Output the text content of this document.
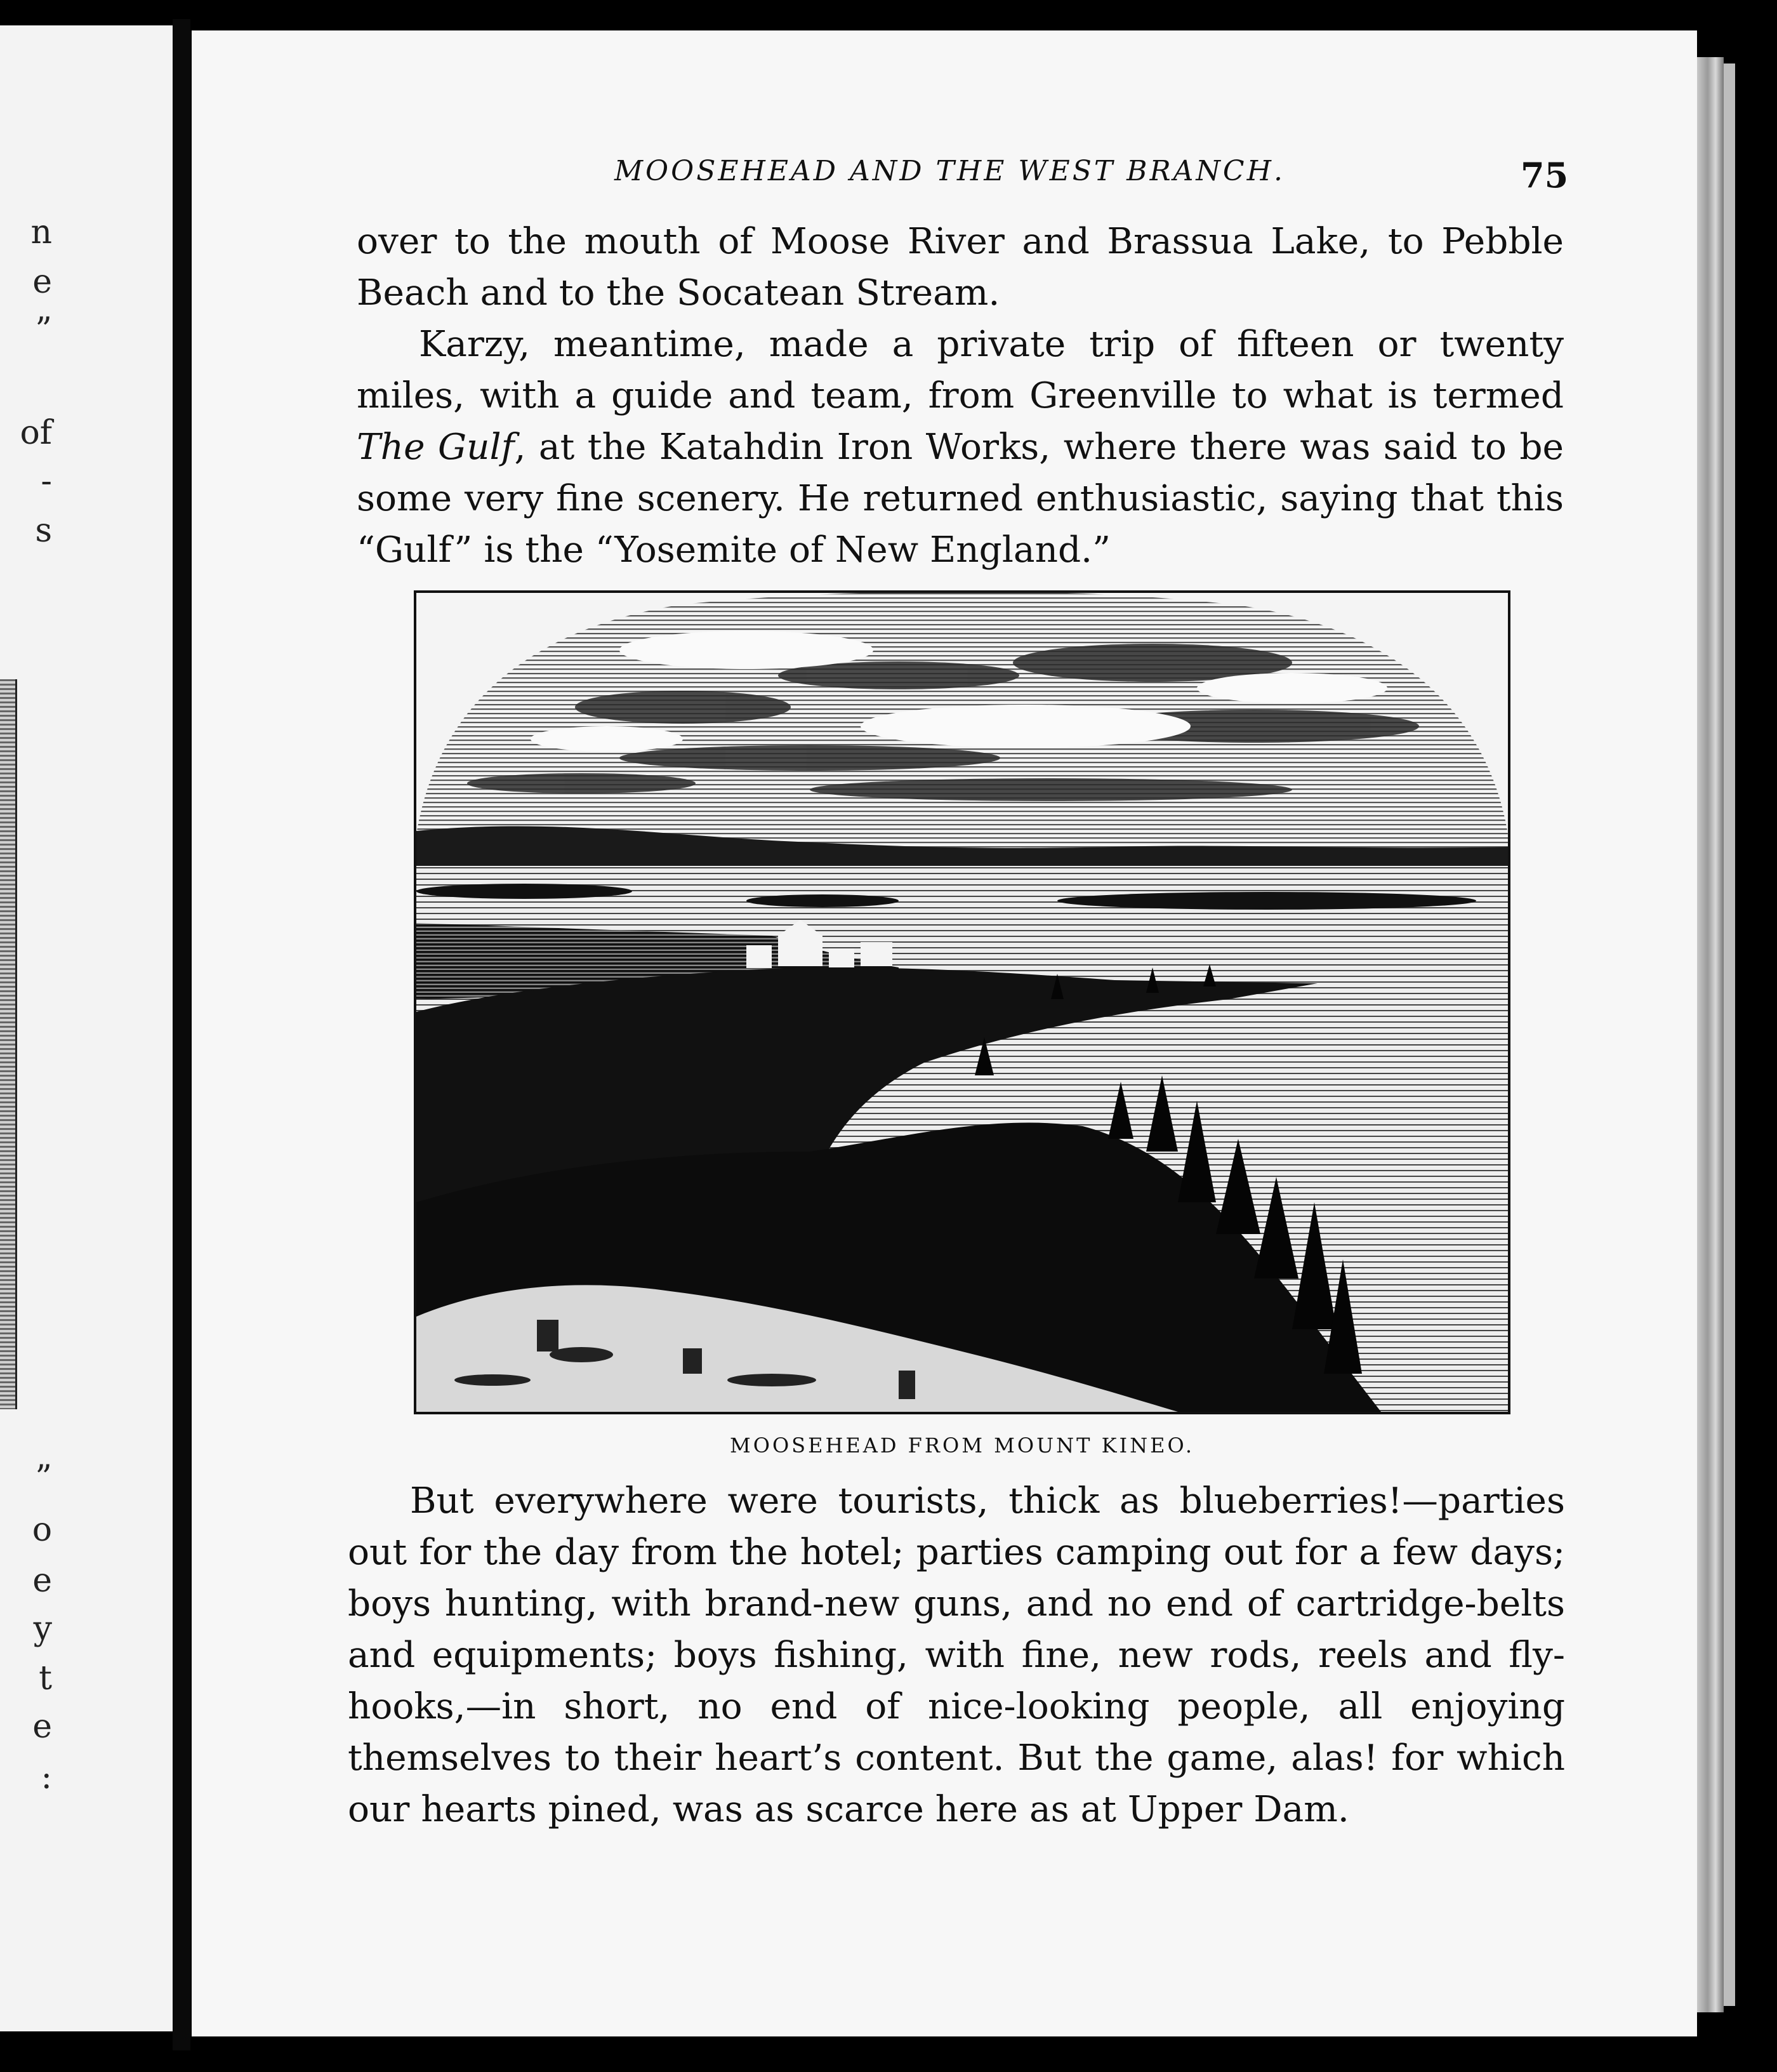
n
e
”
of
-
s
”
o
e
y
t
e
:
MOOSEHEAD AND THE WEST BRANCH.	75

over to the mouth of Moose River and Brassua Lake, to Pebble Beach and to the Socatean Stream.

Karzy, meantime, made a private trip of fifteen or twenty miles, with a guide and team, from Greenville to what is termed The Gulf, at the Katahdin Iron Works, where there was said to be some very fine scenery. He returned enthusiastic, saying that this “Gulf” is the “Yosemite of New England.”

MOOSEHEAD FROM MOUNT KINEO.

But everywhere were tourists, thick as blueberries!—parties out for the day from the hotel; parties camping out for a few days; boys hunting, with brand-new guns, and no end of cartridge-belts and equipments; boys fishing, with fine, new rods, reels and fly-hooks,—in short, no end of nice-looking people, all enjoying themselves to their heart’s content. But the game, alas! for which our hearts pined, was as scarce here as at Upper Dam.
